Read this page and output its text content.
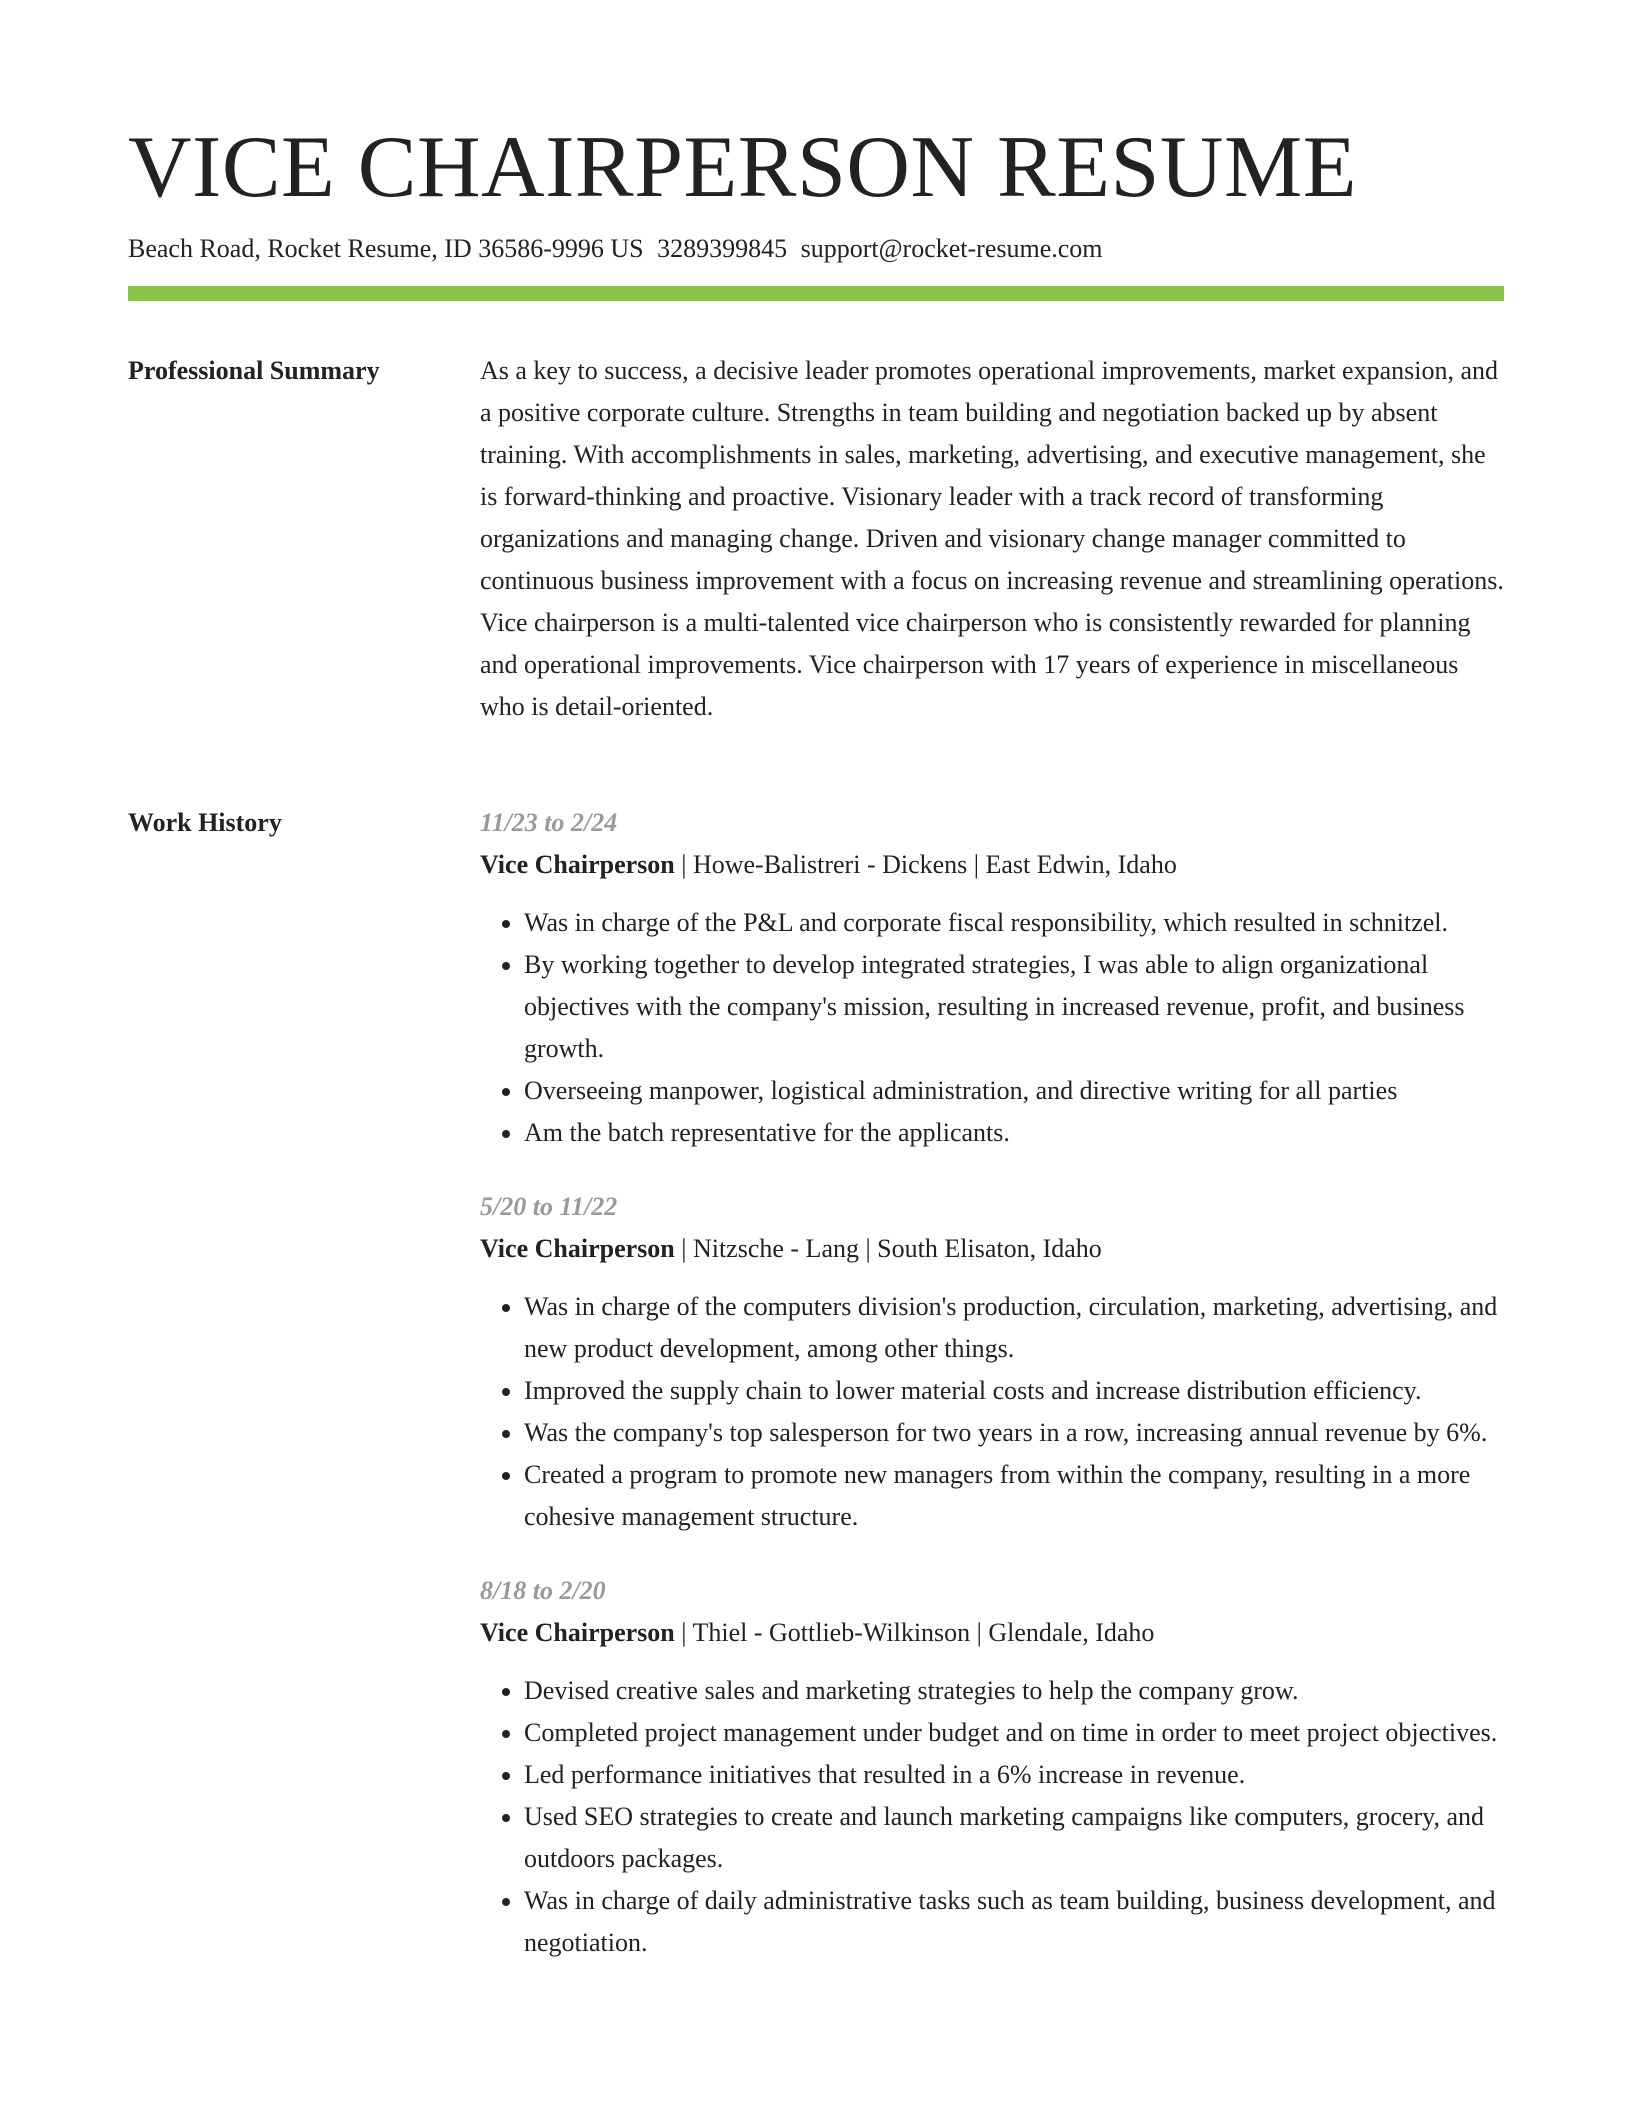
VICE CHAIRPERSON RESUME
Beach Road, Rocket Resume, ID 36586-9996 US 3289399845 support@rocket-resume.com
Professional Summary	As a key to success, a decisive leader promotes operational improvements, market expansion, and a positive corporate culture. Strengths in team building and negotiation backed up by absent training. With accomplishments in sales, marketing, advertising, and executive management, she is forward-thinking and proactive. Visionary leader with a track record of transforming organizations and managing change. Driven and visionary change manager committed to continuous business improvement with a focus on increasing revenue and streamlining operations. Vice chairperson is a multi-talented vice chairperson who is consistently rewarded for planning and operational improvements. Vice chairperson with 17 years of experience in miscellaneous who is detail-oriented.

Work History	11/23 to 2/24
Vice Chairperson | Howe-Balistreri - Dickens | East Edwin, Idaho
• Was in charge of the P&L and corporate fiscal responsibility, which resulted in schnitzel.
• By working together to develop integrated strategies, I was able to align organizational objectives with the company's mission, resulting in increased revenue, profit, and business growth.
• Overseeing manpower, logistical administration, and directive writing for all parties
• Am the batch representative for the applicants.
5/20 to 11/22
Vice Chairperson | Nitzsche - Lang | South Elisaton, Idaho
• Was in charge of the computers division's production, circulation, marketing, advertising, and new product development, among other things.
• Improved the supply chain to lower material costs and increase distribution efficiency.
• Was the company's top salesperson for two years in a row, increasing annual revenue by 6%.
• Created a program to promote new managers from within the company, resulting in a more cohesive management structure.
8/18 to 2/20
Vice Chairperson | Thiel - Gottlieb-Wilkinson | Glendale, Idaho
• Devised creative sales and marketing strategies to help the company grow.
• Completed project management under budget and on time in order to meet project objectives.
• Led performance initiatives that resulted in a 6% increase in revenue.
• Used SEO strategies to create and launch marketing campaigns like computers, grocery, and outdoors packages.
• Was in charge of daily administrative tasks such as team building, business development, and negotiation.
